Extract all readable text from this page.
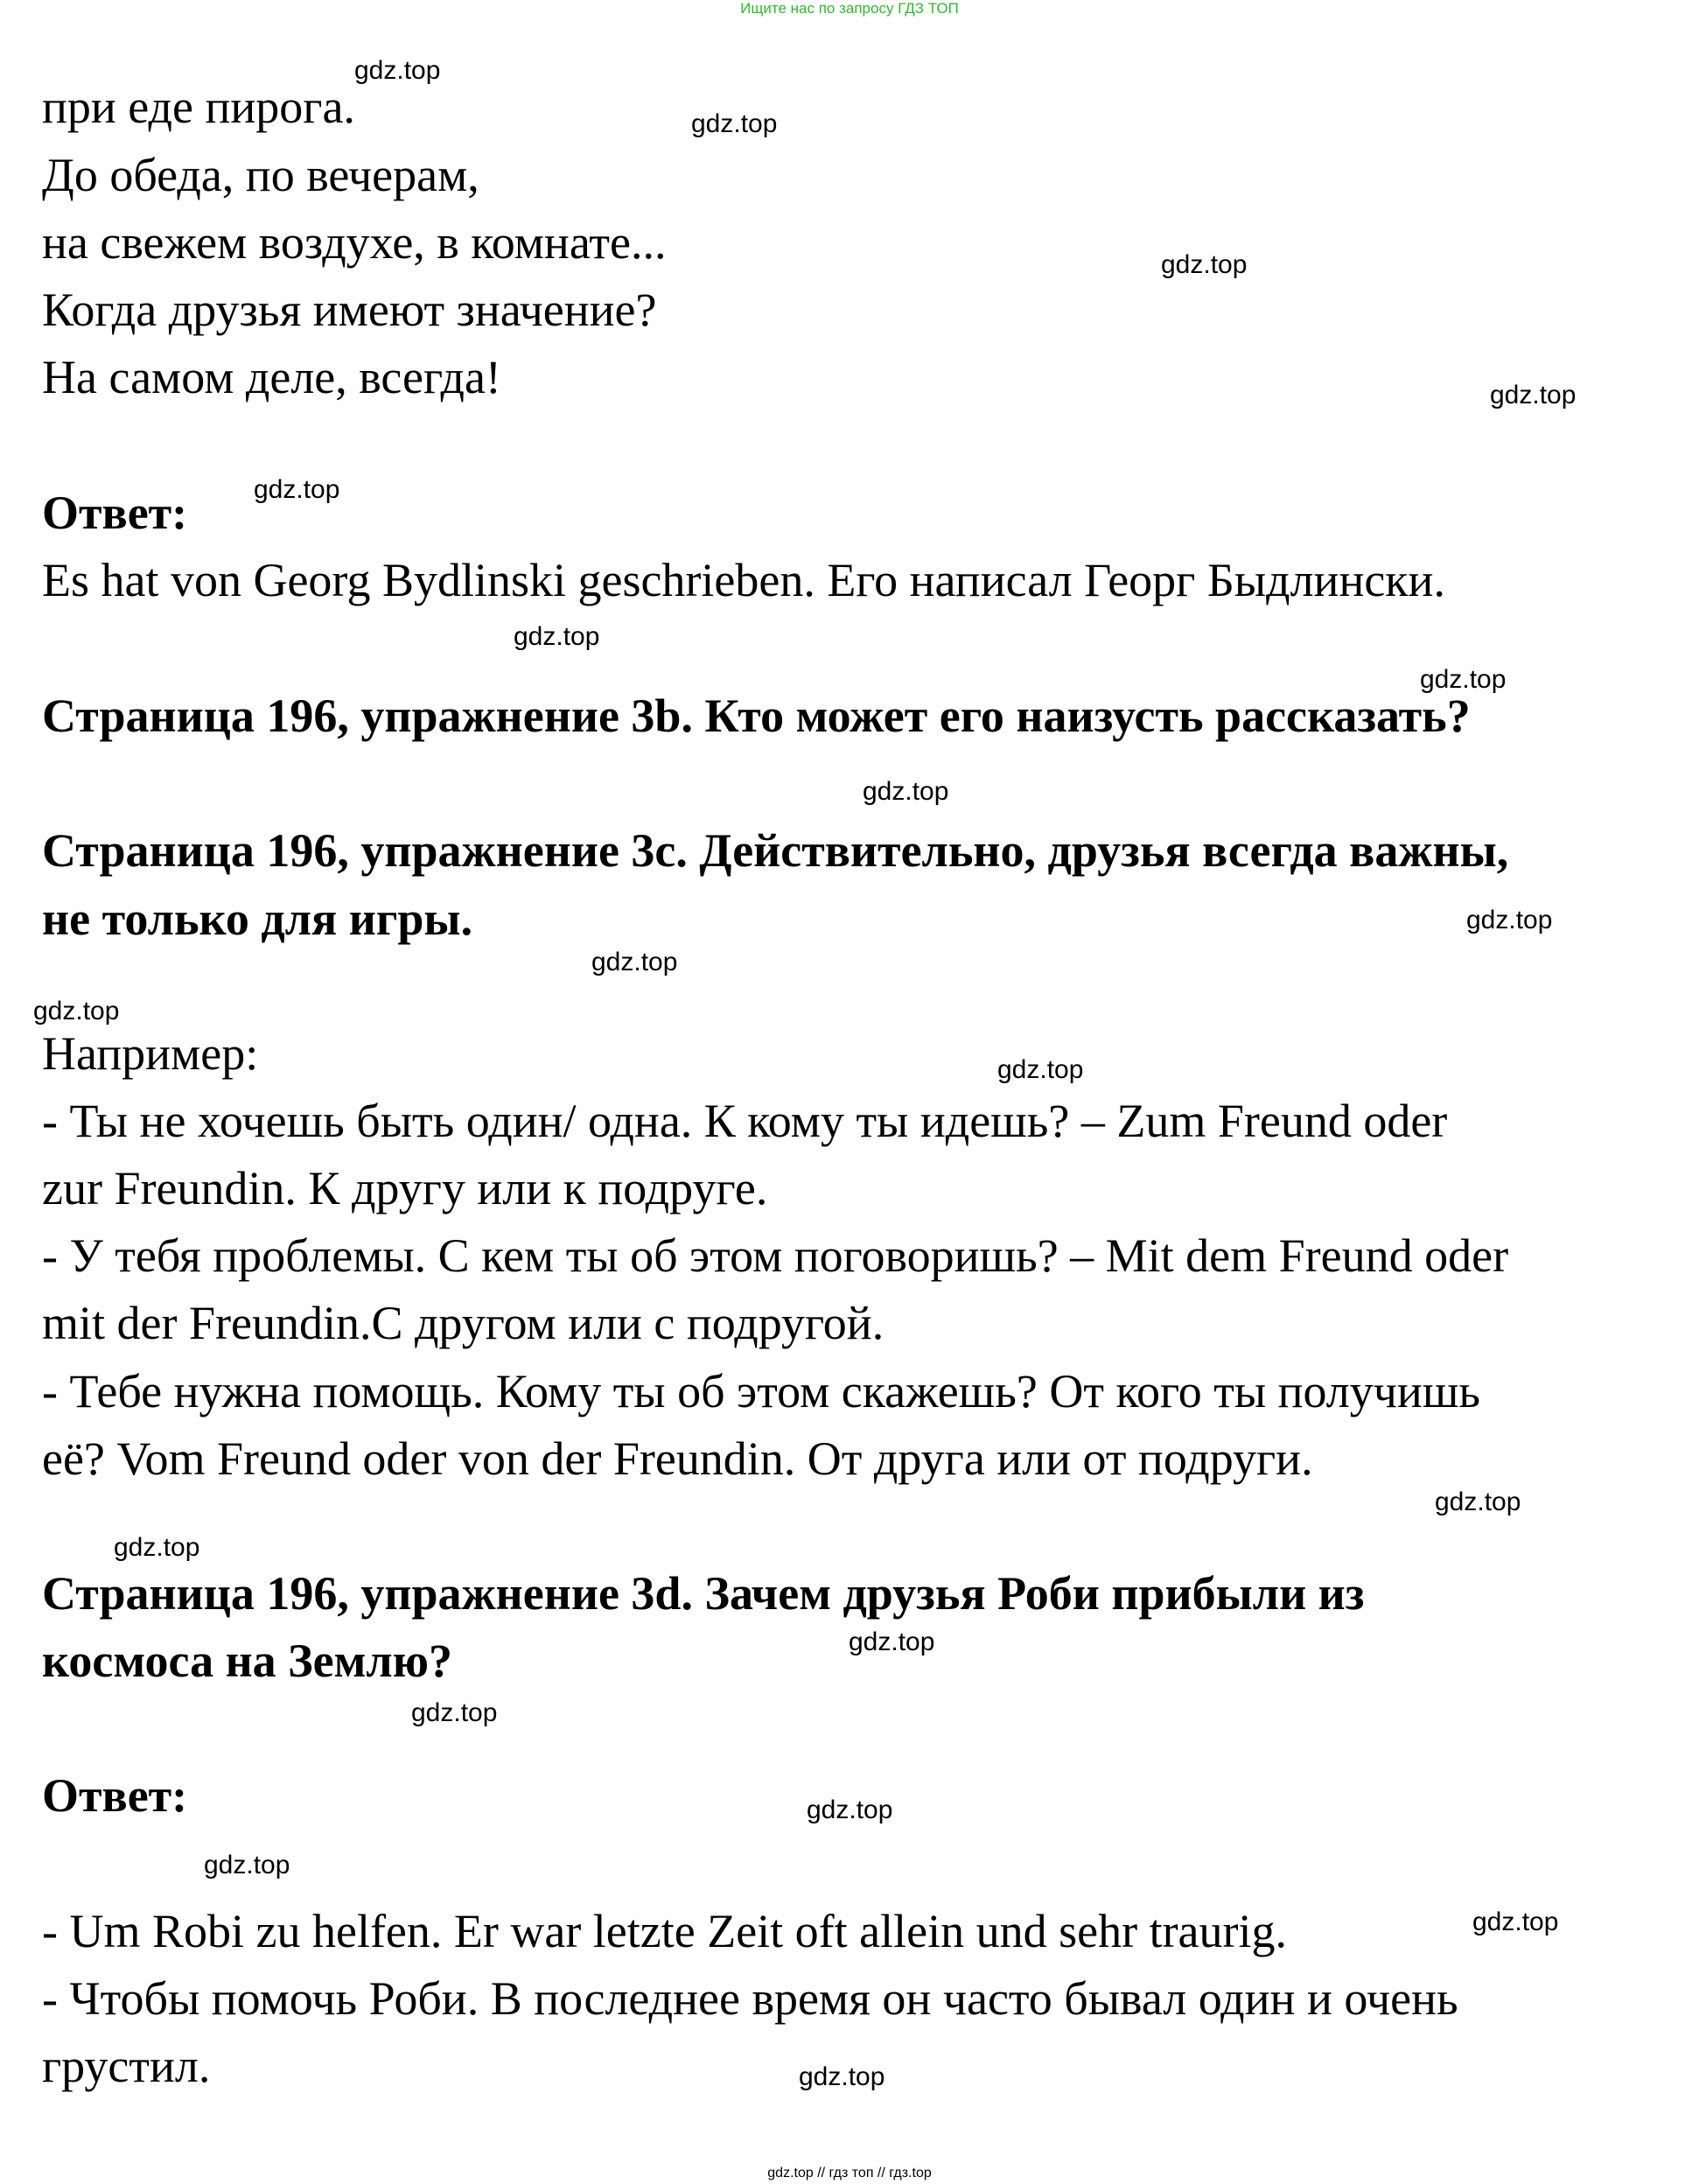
Ищите нас по запросу ГДЗ ТОП
при еде пирога.
До обеда, по вечерам,
на свежем воздухе, в комнате...
Когда друзья имеют значение?
На самом деле, всегда!
Ответ:
Es hat von Georg Bydlinski geschrieben. Его написал Георг Быдлински.
Страница 196, упражнение 3b. Кто может его наизусть рассказать?
Страница 196, упражнение 3c. Действительно, друзья всегда важны,
не только для игры.
Например:
- Ты не хочешь быть один/ одна. К кому ты идешь? – Zum Freund oder
zur Freundin. К другу или к подруге.
- У тебя проблемы. С кем ты об этом поговоришь? – Mit dem Freund oder
mit der Freundin.С другом или с подругой.
- Тебе нужна помощь. Кому ты об этом скажешь? От кого ты получишь
её? Vom Freund oder von der Freundin. От друга или от подруги.
Страница 196, упражнение 3d. Зачем друзья Роби прибыли из
космоса на Землю?
Ответ:
- Um Robi zu helfen. Er war letzte Zeit oft allein und sehr traurig.
- Чтобы помочь Роби. В последнее время он часто бывал один и очень
грустил.
gdz.top
gdz.top
gdz.top
gdz.top
gdz.top
gdz.top
gdz.top
gdz.top
gdz.top
gdz.top
gdz.top
gdz.top
gdz.top
gdz.top
gdz.top
gdz.top
gdz.top
gdz.top
gdz.top
gdz.top
gdz.top // гдз топ // гдз.top
